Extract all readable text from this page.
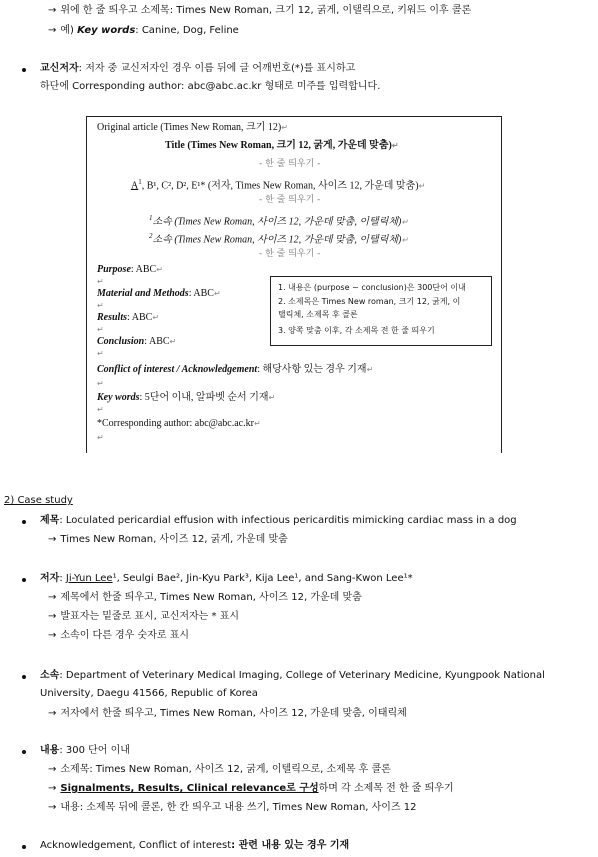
→ 위에 한 줄 띄우고 소제목: Times New Roman, 크기 12, 굵게, 이탤릭으로, 키워드 이후 콜론
→ 예) Key words: Canine, Dog, Feline
교신저자: 저자 중 교신저자인 경우 이름 뒤에 글 어깨번호(*)를 표시하고
하단에 Corresponding author: abc@abc.ac.kr 형태로 미주를 입력합니다.
Original article (Times New Roman, 크기 12)↵
Title (Times New Roman, 크기 12, 굵게, 가운데 맞춤)↵
- 한 줄 띄우기 -
$A^1$, B¹, C², D², E¹* (저자, Times New Roman, 사이즈 12, 가운데 맞춤)↵
- 한 줄 띄우기 -
$^1$소속 (Times New Roman, 사이즈 12, 가운데 맞춤, 이탤릭체)↵
$^2$소속 (Times New Roman, 사이즈 12, 가운데 맞춤, 이탤릭체)↵
- 한 줄 띄우기 -
Purpose: ABC↵
↵
Material and Methods: ABC↵
↵
Results: ABC↵
↵
Conclusion: ABC↵
↵
Conflict of interest / Acknowledgement: 해당사항 있는 경우 기재↵
↵
Key words: 5단어 이내, 알파벳 순서 기재↵
↵
*Corresponding author: abc@abc.ac.kr↵
↵
1. 내용은 (purpose ~ conclusion)은 300단어 이내
2. 소제목은 Times New roman, 크기 12, 굵게, 이
탤릭체, 소제목 후 콜론
3. 양쪽 맞춤 이후, 각 소제목 전 한 줄 띄우기
2) Case study
제목: Loculated pericardial effusion with infectious pericarditis mimicking cardiac mass in a dog
→ Times New Roman, 사이즈 12, 굵게, 가운데 맞춤
저자: Ji-Yun Lee¹, Seulgi Bae², Jin-Kyu Park³, Kija Lee¹, and Sang-Kwon Lee¹*
→ 제목에서 한줄 띄우고, Times New Roman, 사이즈 12, 가운데 맞춤
→ 발표자는 밑줄로 표시, 교신저자는 * 표시
→ 소속이 다른 경우 숫자로 표시
소속: Department of Veterinary Medical Imaging, College of Veterinary Medicine, Kyungpook National
University, Daegu 41566, Republic of Korea
→ 저자에서 한줄 띄우고, Times New Roman, 사이즈 12, 가운데 맞춤, 이태릭체
내용: 300 단어 이내
→ 소제목: Times New Roman, 사이즈 12, 굵게, 이텔릭으로, 소제목 후 콜론
→ Signalments, Results, Clinical relevance로 구성하며 각 소제목 전 한 줄 띄우기
→ 내용: 소제목 뒤에 콜론, 한 칸 띄우고 내용 쓰기, Times New Roman, 사이즈 12
Acknowledgement, Conflict of interest: 관련 내용 있는 경우 기재
